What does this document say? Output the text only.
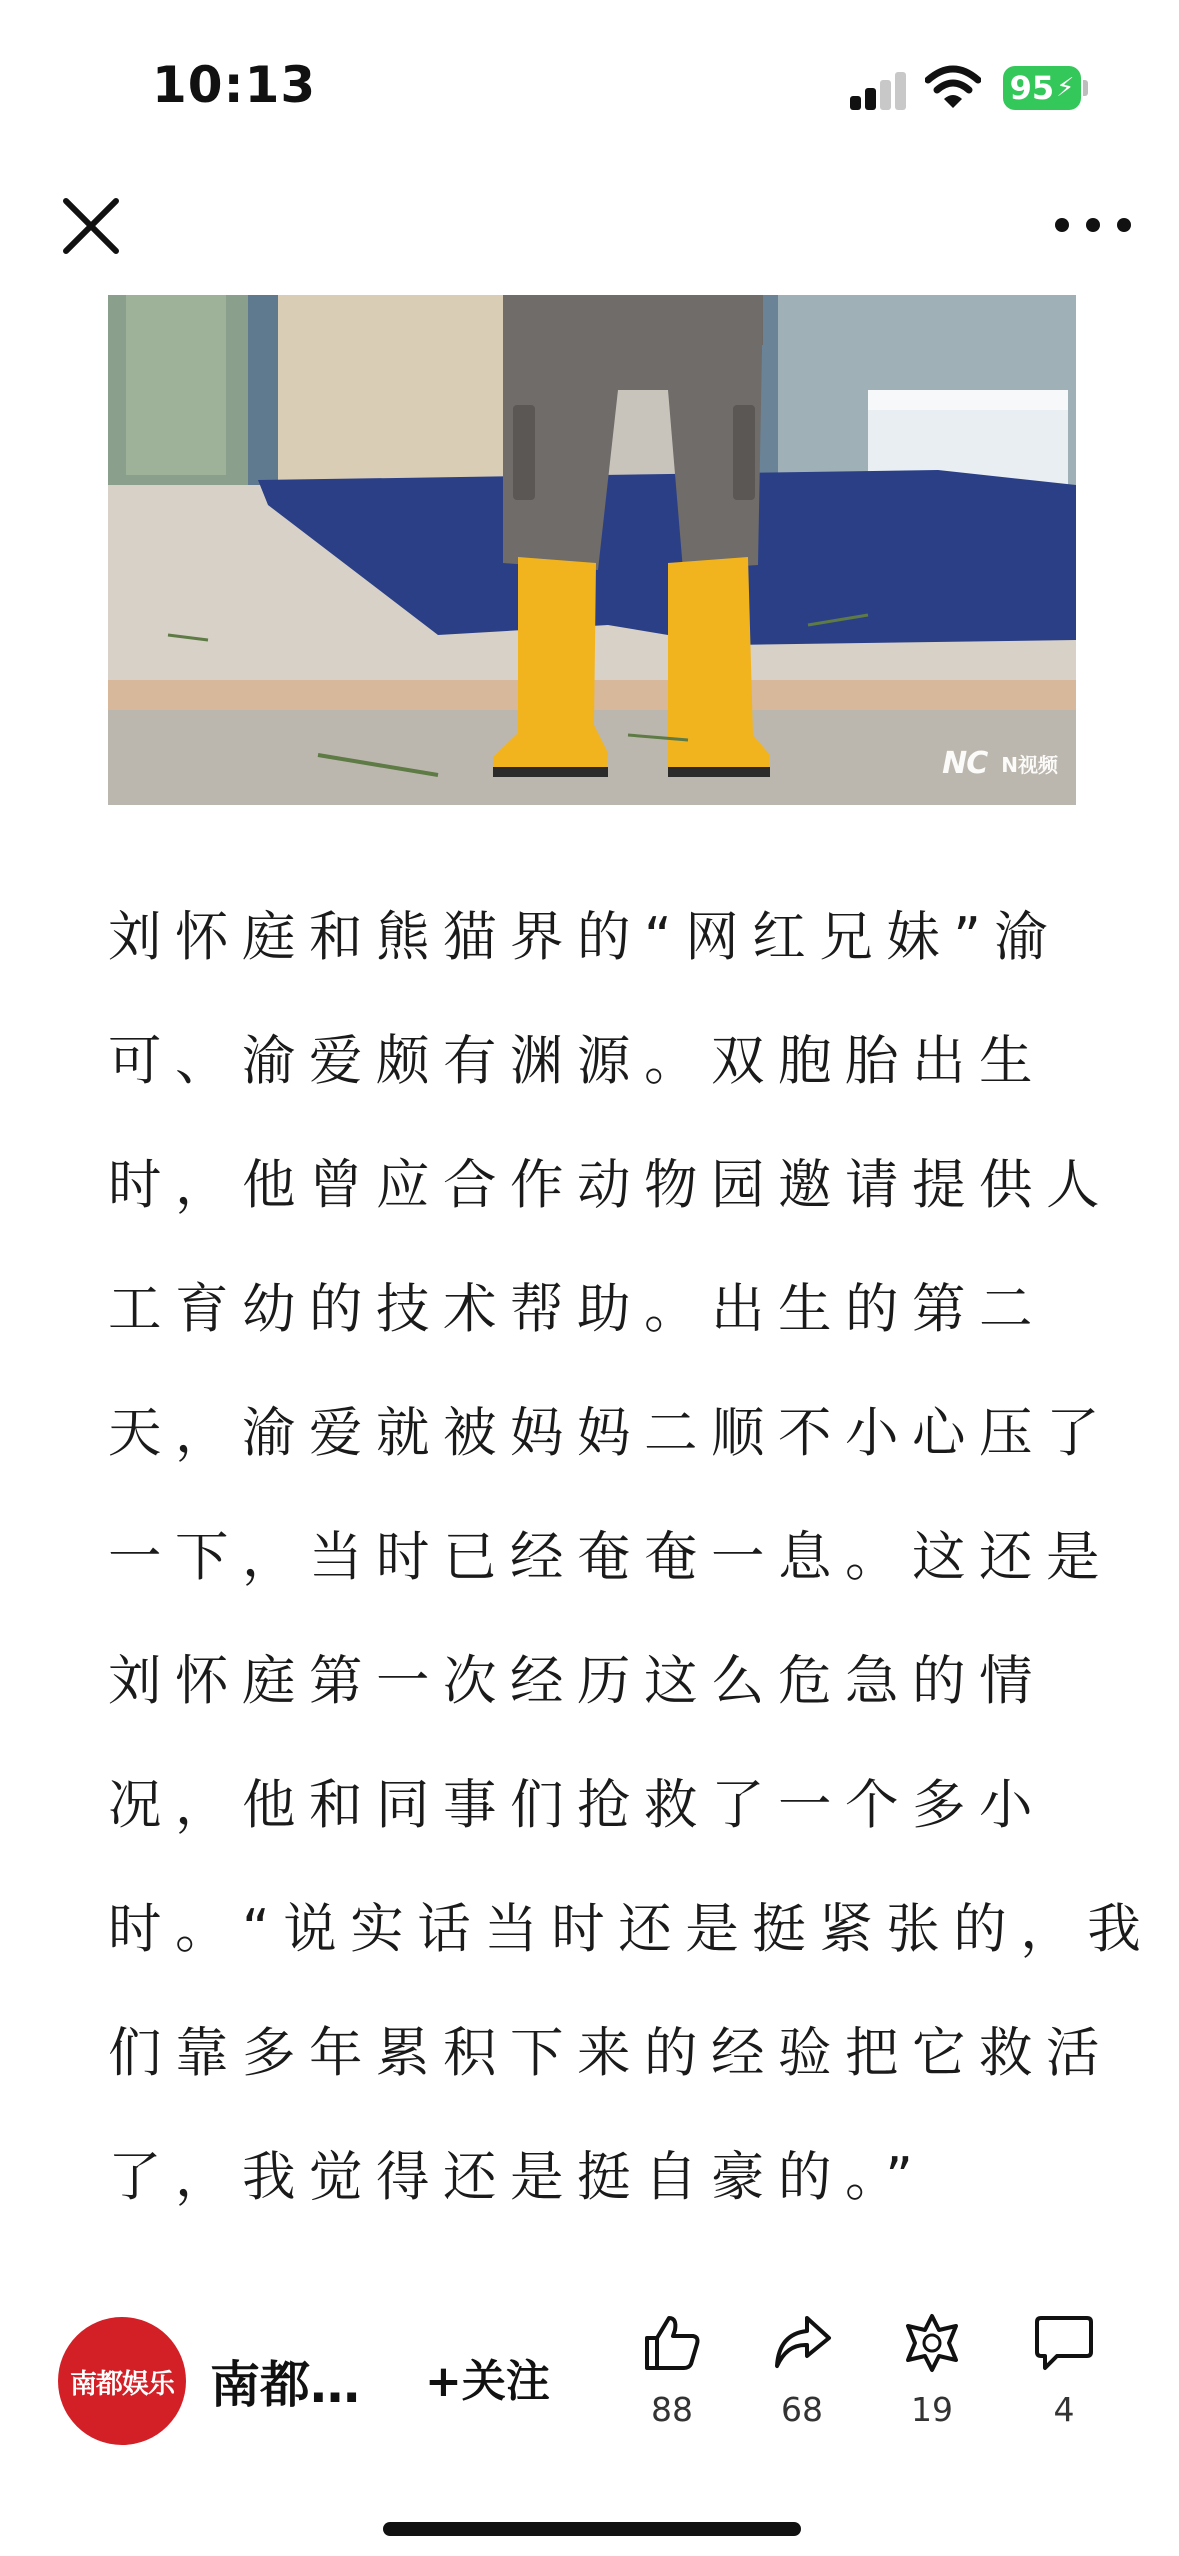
10:13	95 ⚡
NC N视频

刘怀庭和熊猫界的“网红兄妹”渝
可、渝爱颇有渊源。双胞胎出生
时，他曾应合作动物园邀请提供人
工育幼的技术帮助。出生的第二
天，渝爱就被妈妈二顺不小心压了
一下，当时已经奄奄一息。这还是
刘怀庭第一次经历这么危急的情
况，他和同事们抢救了一个多小
时。“说实话当时还是挺紧张的，我
们靠多年累积下来的经验把它救活
了，我觉得还是挺自豪的。”

南都娱乐 南都… +关注
88	68	19	4
